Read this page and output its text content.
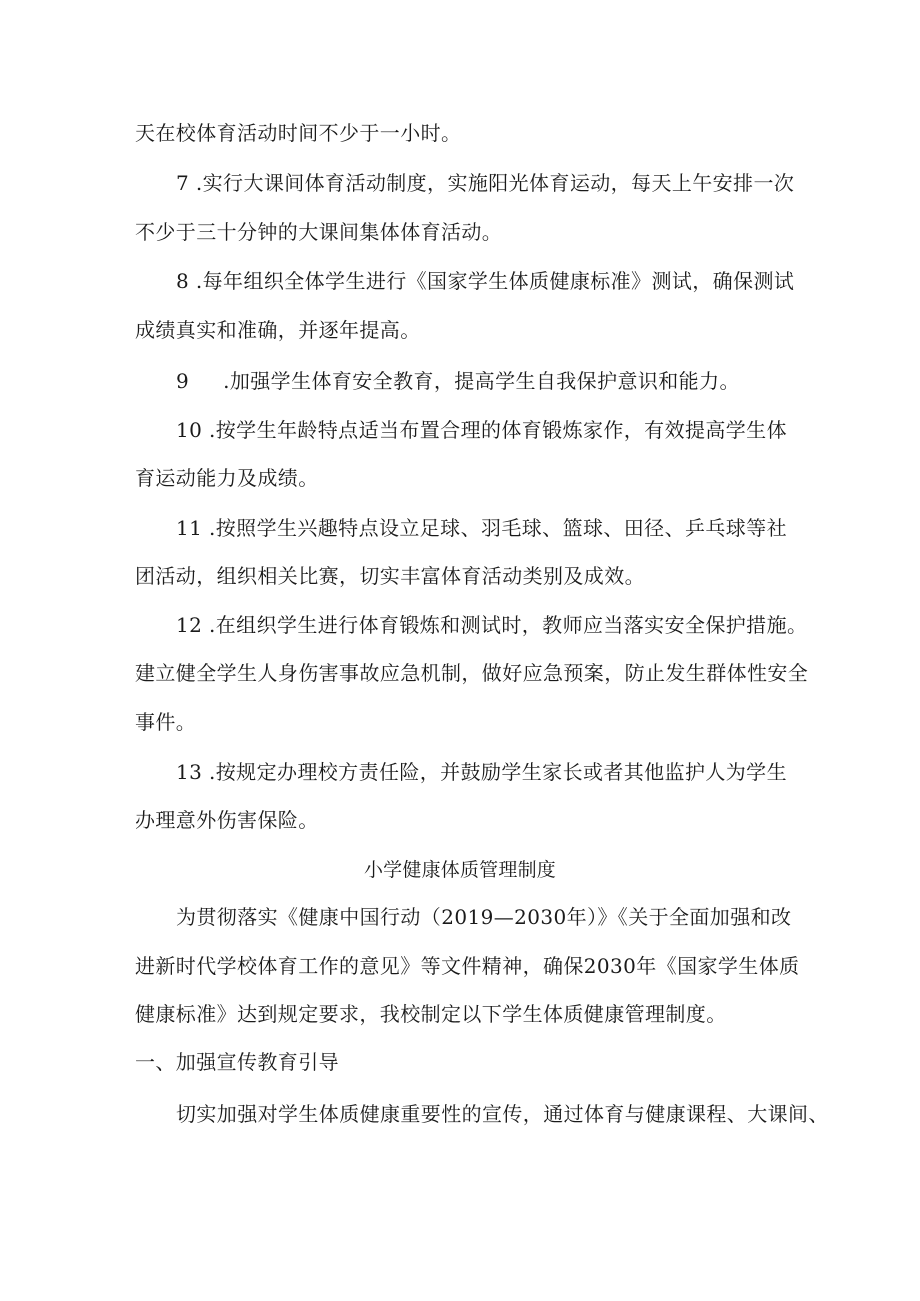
天在校体育活动时间不少于一小时。
7 .实行大课间体育活动制度，实施阳光体育运动，每天上午安排一次
不少于三十分钟的大课间集体体育活动。
8 .每年组织全体学生进行《国家学生体质健康标准》测试，确保测试
成绩真实和准确，并逐年提高。
9 .加强学生体育安全教育，提高学生自我保护意识和能力。
10 .按学生年龄特点适当布置合理的体育锻炼家作，有效提高学生体
育运动能力及成绩。
11 .按照学生兴趣特点设立足球、羽毛球、篮球、田径、乒乓球等社
团活动，组织相关比赛，切实丰富体育活动类别及成效。
12 .在组织学生进行体育锻炼和测试时，教师应当落实安全保护措施。
建立健全学生人身伤害事故应急机制，做好应急预案，防止发生群体性安全
事件。
13 .按规定办理校方责任险，并鼓励学生家长或者其他监护人为学生
办理意外伤害保险。
小学健康体质管理制度
为贯彻落实《健康中国行动（2019—2030年）》《关于全面加强和改
进新时代学校体育工作的意见》等文件精神，确保2030年《国家学生体质
健康标准》达到规定要求，我校制定以下学生体质健康管理制度。
一、加强宣传教育引导
切实加强对学生体质健康重要性的宣传，通过体育与健康课程、大课间、
